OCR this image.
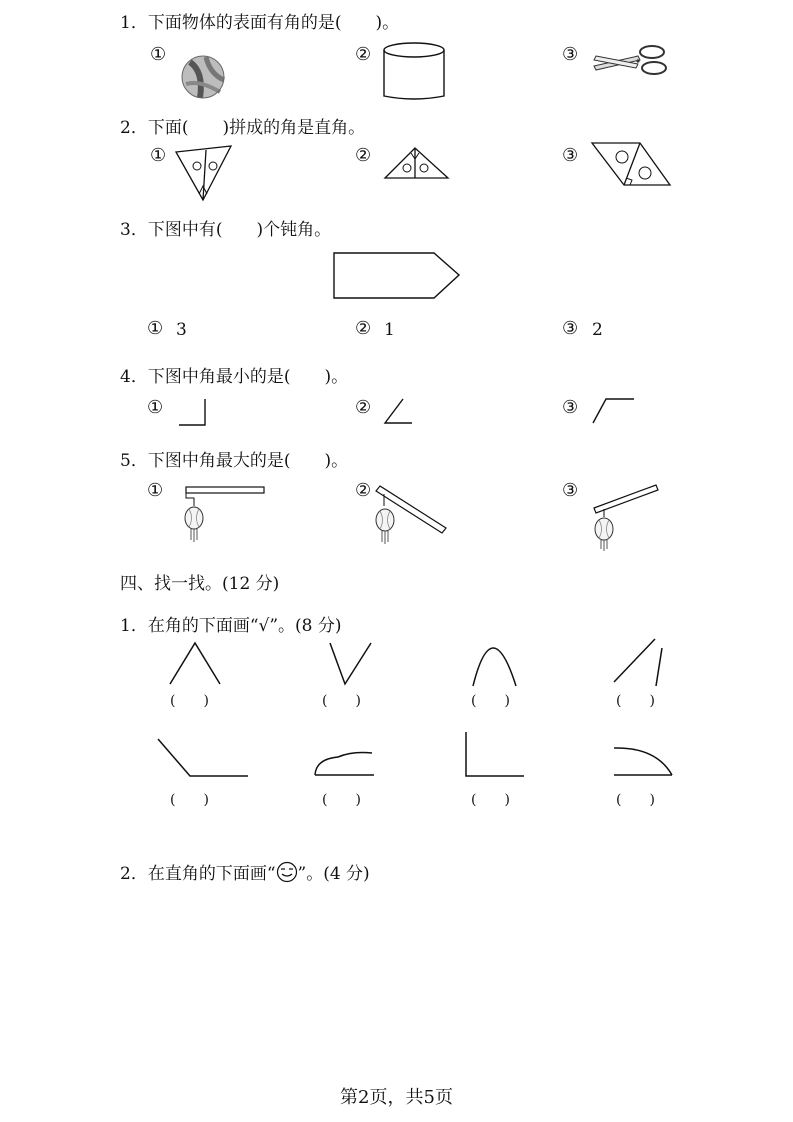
1．下面物体的表面有角的是(　　)。
①	②	③
2．下面(　　)拼成的角是直角。
①	②	③
3．下图中有(　　)个钝角。
① 3	② 1	③ 2
4．下图中角最小的是(　　)。
①	②	③
5．下图中角最大的是(　　)。
①	②	③
四、找一找。(12 分)
1．在角的下面画“√”。(8 分)
(　　)	(　　)	(　　)	(　　)
(　　)	(　　)	(　　)	(　　)
2．在直角的下面画“ ”。(4 分)
第2页，共5页
